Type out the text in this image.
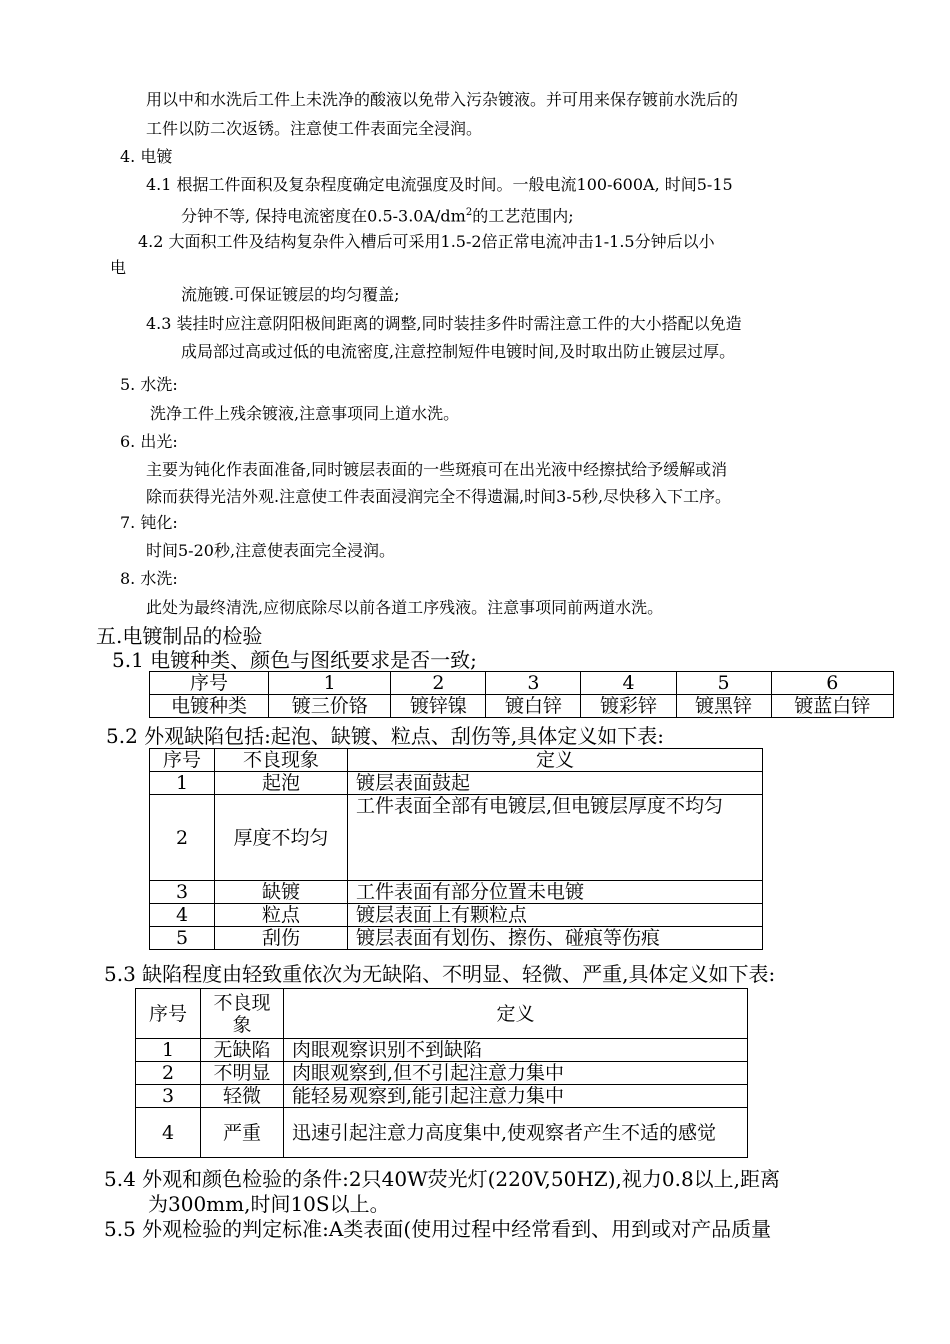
用以中和水洗后工件上未洗净的酸液以免带入污杂镀液。并可用来保存镀前水洗后的
工件以防二次返锈。注意使工件表面完全浸润。
4. 电镀
4.1 根据工件面积及复杂程度确定电流强度及时间。一般电流100-600A, 时间5-15
分钟不等, 保持电流密度在$0.5-3.0A/dm^2$的工艺范围内;
4.2 大面积工件及结构复杂件入槽后可采用1.5-2倍正常电流冲击1-1.5分钟后以小
电
流施镀.可保证镀层的均匀覆盖;
4.3 装挂时应注意阴阳极间距离的调整,同时装挂多件时需注意工件的大小搭配以免造
成局部过高或过低的电流密度,注意控制短件电镀时间,及时取出防止镀层过厚。
5. 水洗:
洗净工件上残余镀液,注意事项同上道水洗。
6. 出光:
主要为钝化作表面准备,同时镀层表面的一些斑痕可在出光液中经擦拭给予缓解或消
除而获得光洁外观.注意使工件表面浸润完全不得遗漏,时间3-5秒,尽快移入下工序。
7. 钝化:
时间5-20秒,注意使表面完全浸润。
8. 水洗:
此处为最终清洗,应彻底除尽以前各道工序残液。注意事项同前两道水洗。
五.电镀制品的检验
5.1 电镀种类、颜色与图纸要求是否一致;
序号	1	2	3	4	5	6
电镀种类	镀三价铬	镀锌镍	镀白锌	镀彩锌	镀黑锌	镀蓝白锌
5.2 外观缺陷包括:起泡、缺镀、粒点、刮伤等,具体定义如下表:
序号	不良现象	定义
1	起泡	镀层表面鼓起
2	厚度不均匀	工件表面全部有电镀层,但电镀层厚度不均匀
3	缺镀	工件表面有部分位置未电镀
4	粒点	镀层表面上有颗粒点
5	刮伤	镀层表面有划伤、擦伤、碰痕等伤痕
5.3 缺陷程度由轻致重依次为无缺陷、不明显、轻微、严重,具体定义如下表:
序号	不良现象	定义
1	无缺陷	肉眼观察识别不到缺陷
2	不明显	肉眼观察到,但不引起注意力集中
3	轻微	能轻易观察到,能引起注意力集中
4	严重	迅速引起注意力高度集中,使观察者产生不适的感觉
5.4 外观和颜色检验的条件:2只40W荧光灯(220V,50HZ),视力0.8以上,距离
为300mm,时间10S以上。
5.5 外观检验的判定标准:A类表面(使用过程中经常看到、用到或对产品质量
